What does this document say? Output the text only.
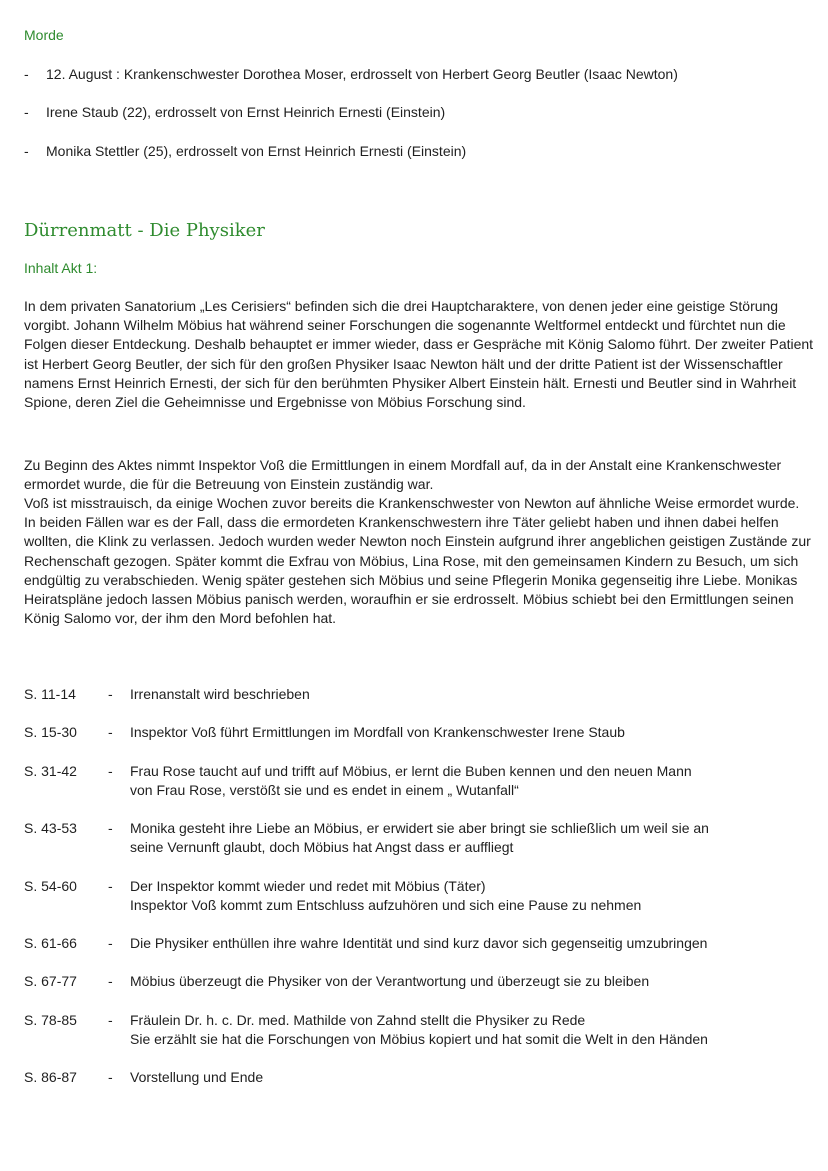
Morde
-	12. August : Krankenschwester Dorothea Moser, erdrosselt von Herbert Georg Beutler (Isaac Newton)
-	Irene Staub (22), erdrosselt von Ernst Heinrich Ernesti (Einstein)
-	Monika Stettler (25), erdrosselt von Ernst Heinrich Ernesti (Einstein)
Dürrenmatt - Die Physiker
Inhalt Akt 1:

In dem privaten Sanatorium „Les Cerisiers“ befinden sich die drei Hauptcharaktere, von denen jeder eine geistige Störung vorgibt. Johann Wilhelm Möbius hat während seiner Forschungen die sogenannte Weltformel entdeckt und fürchtet nun die Folgen dieser Entdeckung. Deshalb behauptet er immer wieder, dass er Gespräche mit König Salomo führt. Der zweiter Patient ist Herbert Georg Beutler, der sich für den großen Physiker Isaac Newton hält und der dritte Patient ist der Wissenschaftler namens Ernst Heinrich Ernesti, der sich für den berühmten Physiker Albert Einstein hält. Ernesti und Beutler sind in Wahrheit Spione, deren Ziel die Geheimnisse und Ergebnisse von Möbius Forschung sind.

Zu Beginn des Aktes nimmt Inspektor Voß die Ermittlungen in einem Mordfall auf, da in der Anstalt eine Krankenschwester ermordet wurde, die für die Betreuung von Einstein zuständig war.

Voß ist misstrauisch, da einige Wochen zuvor bereits die Krankenschwester von Newton auf ähnliche Weise ermordet wurde. In beiden Fällen war es der Fall, dass die ermordeten Krankenschwestern ihre Täter geliebt haben und ihnen dabei helfen wollten, die Klink zu verlassen. Jedoch wurden weder Newton noch Einstein aufgrund ihrer angeblichen geistigen Zustände zur Rechenschaft gezogen. Später kommt die Exfrau von Möbius, Lina Rose, mit den gemeinsamen Kindern zu Besuch, um sich endgültig zu verabschieden. Wenig später gestehen sich Möbius und seine Pflegerin Monika gegenseitig ihre Liebe. Monikas Heiratspläne jedoch lassen Möbius panisch werden, woraufhin er sie erdrosselt. Möbius schiebt bei den Ermittlungen seinen König Salomo vor, der ihm den Mord befohlen hat.

S. 11-14	-	Irrenanstalt wird beschrieben
S. 15-30	-	Inspektor Voß führt Ermittlungen im Mordfall von Krankenschwester Irene Staub
S. 31-42	-	Frau Rose taucht auf und trifft auf Möbius, er lernt die Buben kennen und den neuen Mann
von Frau Rose, verstößt sie und es endet in einem „ Wutanfall“
S. 43-53	-	Monika gesteht ihre Liebe an Möbius, er erwidert sie aber bringt sie schließlich um weil sie an
seine Vernunft glaubt, doch Möbius hat Angst dass er auffliegt
S. 54-60	-	Der Inspektor kommt wieder und redet mit Möbius (Täter)
Inspektor Voß kommt zum Entschluss aufzuhören und sich eine Pause zu nehmen
S. 61-66	-	Die Physiker enthüllen ihre wahre Identität und sind kurz davor sich gegenseitig umzubringen
S. 67-77	-	Möbius überzeugt die Physiker von der Verantwortung und überzeugt sie zu bleiben
S. 78-85	-	Fräulein Dr. h. c. Dr. med. Mathilde von Zahnd stellt die Physiker zu Rede
Sie erzählt sie hat die Forschungen von Möbius kopiert und hat somit die Welt in den Händen
S. 86-87	-	Vorstellung und Ende
